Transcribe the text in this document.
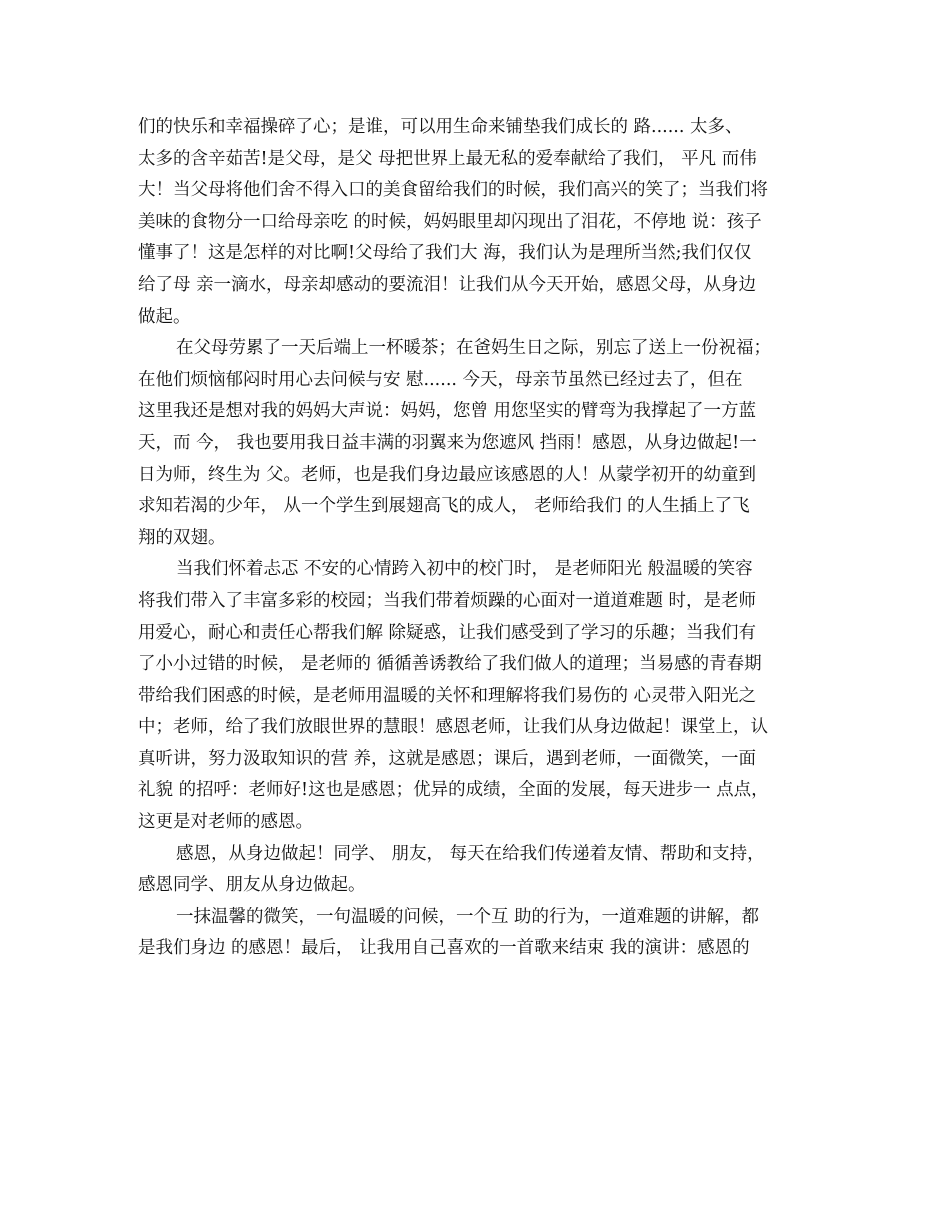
们的快乐和幸福操碎了心；是谁，可以用生命来铺垫我们成长的 路...... 太多、
太多的含辛茹苦!是父母，是父 母把世界上最无私的爱奉献给了我们， 平凡 而伟
大！当父母将他们舍不得入口的美食留给我们的时候，我们高兴的笑了；当我们将
美味的食物分一口给母亲吃 的时候，妈妈眼里却闪现出了泪花，不停地 说：孩子
懂事了！这是怎样的对比啊!父母给了我们大 海，我们认为是理所当然;我们仅仅
给了母 亲一滴水，母亲却感动的要流泪！让我们从今天开始，感恩父母，从身边
做起。
在父母劳累了一天后端上一杯暖茶；在爸妈生日之际，别忘了送上一份祝福；
在他们烦恼郁闷时用心去问候与安 慰...... 今天，母亲节虽然已经过去了，但在
这里我还是想对我的妈妈大声说：妈妈，您曾 用您坚实的臂弯为我撑起了一方蓝
天，而 今， 我也要用我日益丰满的羽翼来为您遮风 挡雨！感恩，从身边做起!一
日为师，终生为 父。老师，也是我们身边最应该感恩的人！从蒙学初开的幼童到
求知若渴的少年， 从一个学生到展翅高飞的成人， 老师给我们 的人生插上了飞
翔的双翅。
当我们怀着忐忑 不安的心情跨入初中的校门时， 是老师阳光 般温暖的笑容
将我们带入了丰富多彩的校园；当我们带着烦躁的心面对一道道难题 时，是老师
用爱心，耐心和责任心帮我们解 除疑惑，让我们感受到了学习的乐趣；当我们有
了小小过错的时候， 是老师的 循循善诱教给了我们做人的道理；当易感的青春期
带给我们困惑的时候，是老师用温暖的关怀和理解将我们易伤的 心灵带入阳光之
中；老师，给了我们放眼世界的慧眼！感恩老师，让我们从身边做起！课堂上，认
真听讲，努力汲取知识的营 养，这就是感恩；课后，遇到老师，一面微笑，一面
礼貌 的招呼：老师好!这也是感恩；优异的成绩，全面的发展，每天进步一 点点，
这更是对老师的感恩。
感恩，从身边做起！同学、 朋友， 每天在给我们传递着友情、帮助和支持，
感恩同学、朋友从身边做起。
一抹温馨的微笑，一句温暖的问候，一个互 助的行为，一道难题的讲解，都
是我们身边 的感恩！最后， 让我用自己喜欢的一首歌来结束 我的演讲：感恩的
